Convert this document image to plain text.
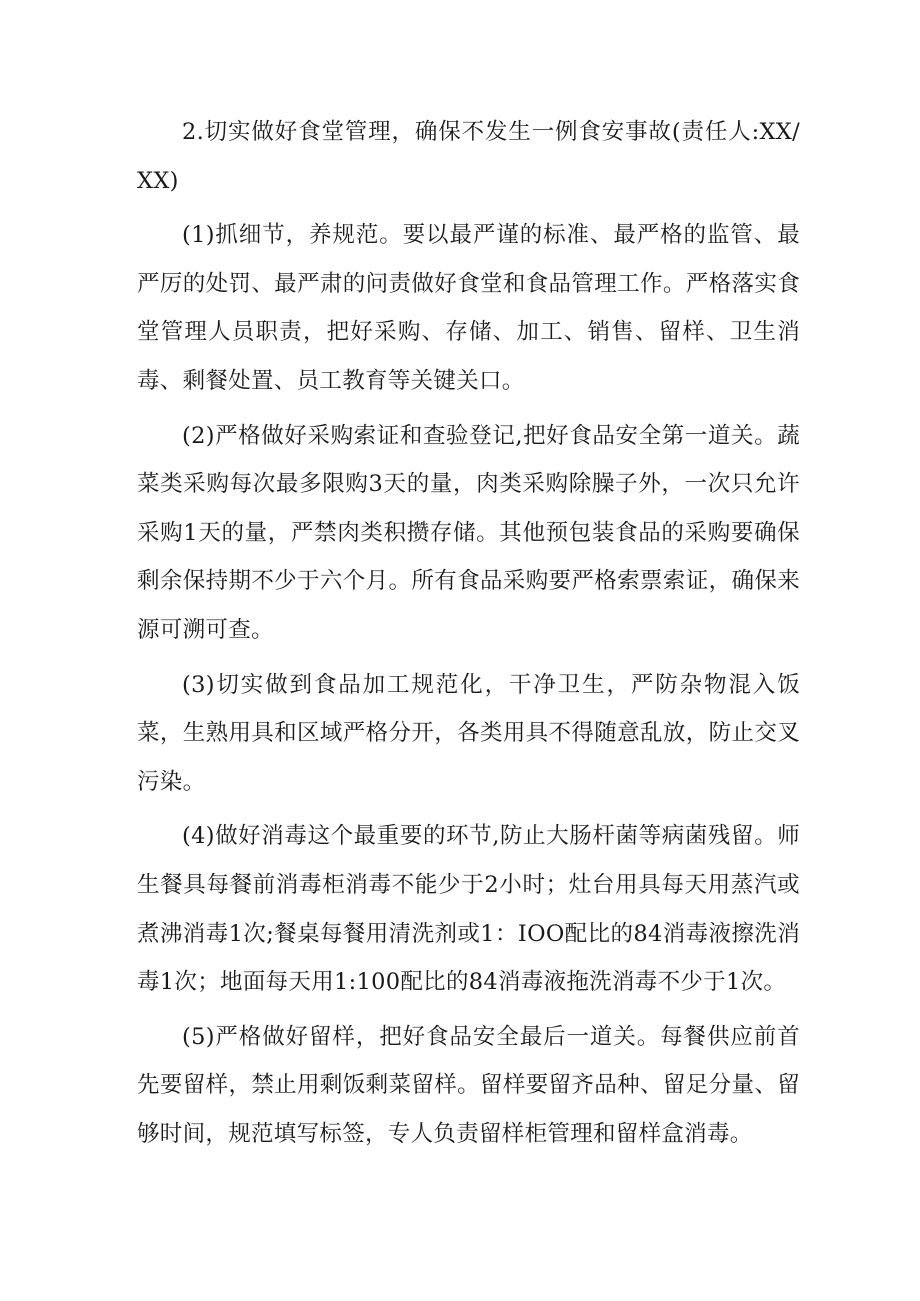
2.切实做好食堂管理，确保不发生一例食安事故(责任人:XX/XX)

(1)抓细节，养规范。要以最严谨的标准、最严格的监管、最严厉的处罚、最严肃的问责做好食堂和食品管理工作。严格落实食堂管理人员职责，把好采购、存储、加工、销售、留样、卫生消毒、剩餐处置、员工教育等关键关口。

(2)严格做好采购索证和查验登记,把好食品安全第一道关。蔬菜类采购每次最多限购3天的量，肉类采购除臊子外，一次只允许采购1天的量，严禁肉类积攒存储。其他预包装食品的采购要确保剩余保持期不少于六个月。所有食品采购要严格索票索证，确保来源可溯可查。

(3)切实做到食品加工规范化，干净卫生，严防杂物混入饭菜，生熟用具和区域严格分开，各类用具不得随意乱放，防止交叉污染。

(4)做好消毒这个最重要的环节,防止大肠杆菌等病菌残留。师生餐具每餐前消毒柜消毒不能少于2小时；灶台用具每天用蒸汽或煮沸消毒1次;餐桌每餐用清洗剂或1：IOO配比的84消毒液擦洗消毒1次；地面每天用1:100配比的84消毒液拖洗消毒不少于1次。

(5)严格做好留样，把好食品安全最后一道关。每餐供应前首先要留样，禁止用剩饭剩菜留样。留样要留齐品种、留足分量、留够时间，规范填写标签，专人负责留样柜管理和留样盒消毒。
